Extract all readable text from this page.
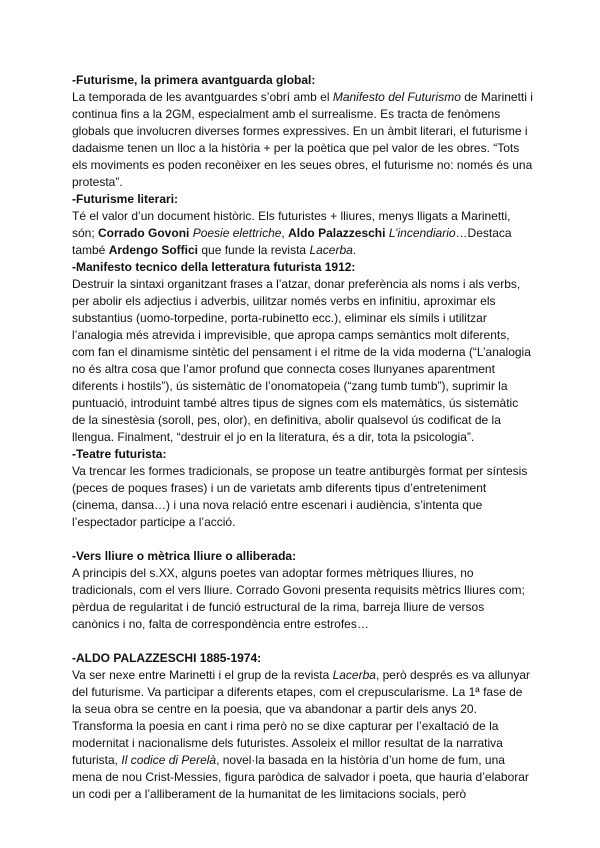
-Futurisme, la primera avantguarda global:

La temporada de les avantguardes s’obrí amb el Manifesto del Futurismo de Marinetti i continua fins a la 2GM, especialment amb el surrealisme. Es tracta de fenòmens globals que involucren diverses formes expressives. En un àmbit literari, el futurisme i dadaisme tenen un lloc a la història + per la poètica que pel valor de les obres. “Tots els moviments es poden reconèixer en les seues obres, el futurisme no: només és una protesta”.

-Futurisme literari:

Té el valor d’un document històric. Els futuristes + lliures, menys lligats a Marinetti, són; Corrado Govoni Poesie elettriche, Aldo Palazzeschi L’incendiario…Destaca també Ardengo Soffici que funde la revista Lacerba.

-Manifesto tecnico della letteratura futurista 1912:

Destruir la sintaxi organitzant frases a l’atzar, donar preferència als noms i als verbs, per abolir els adjectius i adverbis, uilitzar només verbs en infinitiu, aproximar els substantius (uomo-torpedine, porta-rubinetto ecc.), eliminar els símils i utilitzar l’analogia més atrevida i imprevisible, que apropa camps semàntics molt diferents, com fan el dinamisme sintètic del pensament i el ritme de la vida moderna (“L’analogia no és altra cosa que l’amor profund que connecta coses llunyanes aparentment diferents i hostils”), ús sistemàtic de l’onomatopeia (“zang tumb tumb”), suprimir la puntuació, introduint també altres tipus de signes com els matemàtics, ús sistemàtic de la sinestèsia (soroll, pes, olor), en definitiva, abolir qualsevol ús codificat de la llengua. Finalment, “destruir el jo en la literatura, és a dir, tota la psicologia”.

-Teatre futurista:

Va trencar les formes tradicionals, se propose un teatre antiburgès format per síntesis (peces de poques frases) i un de varietats amb diferents tipus d’entreteniment (cinema, dansa…) i una nova relació entre escenari i audiència, s’intenta que l’espectador participe a l’acció.

-Vers lliure o mètrica lliure o alliberada:

A principis del s.XX, alguns poetes van adoptar formes mètriques lliures, no tradicionals, com el vers lliure. Corrado Govoni presenta requisits mètrics lliures com; pèrdua de regularitat i de funció estructural de la rima, barreja lliure de versos canònics i no, falta de correspondència entre estrofes…

-ALDO PALAZZESCHI 1885-1974:

Va ser nexe entre Marinetti i el grup de la revista Lacerba, però després es va allunyar del futurisme. Va participar a diferents etapes, com el crepuscularisme. La 1ª fase de la seua obra se centre en la poesia, que va abandonar a partir dels anys 20. Transforma la poesia en cant i rima però no se dixe capturar per l’exaltació de la modernitat i nacionalisme dels futuristes. Assoleix el millor resultat de la narrativa futurista, Il codice di Perelà, novel·la basada en la història d’un home de fum, una mena de nou Crist-Messies, figura paròdica de salvador i poeta, que hauria d’elaborar un codi per a l’alliberament de la humanitat de les limitacions socials, però
